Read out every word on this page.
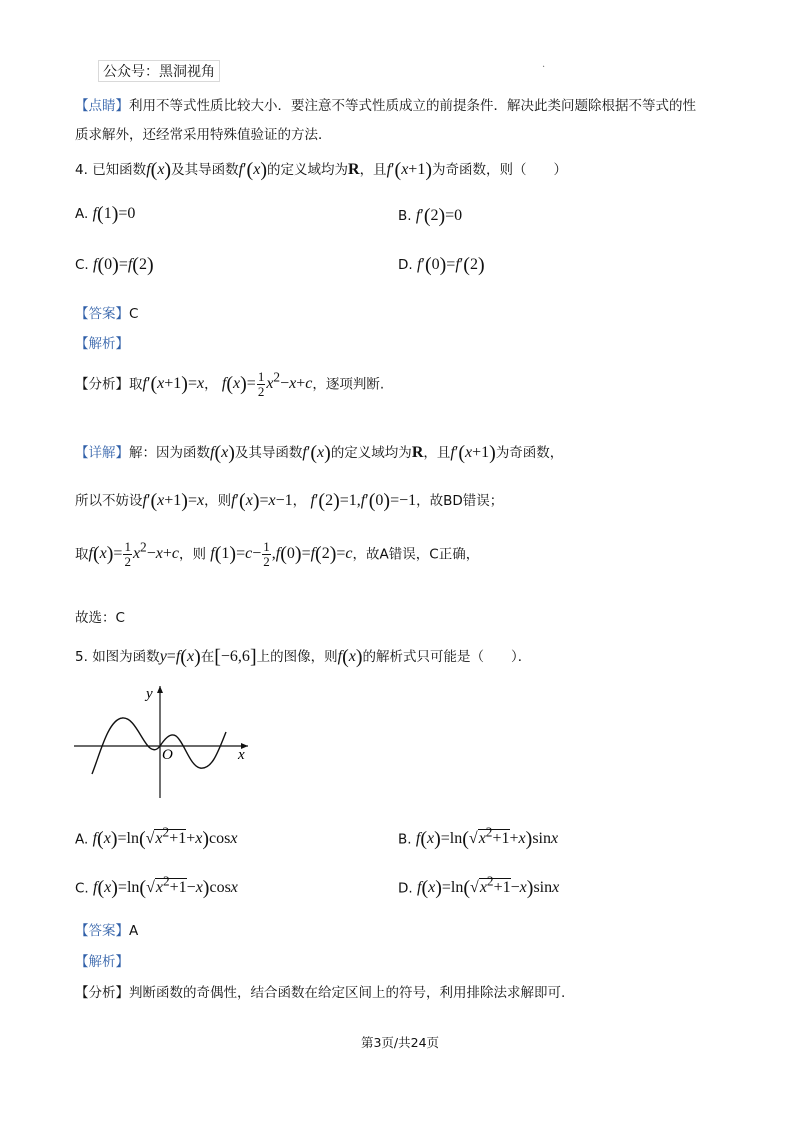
公众号：黑洞视角	·
【点睛】利用不等式性质比较大小．要注意不等式性质成立的前提条件．解决此类问题除根据不等式的性
质求解外，还经常采用特殊值验证的方法．
4. 已知函数f(x)及其导函数f′(x)的定义域均为R，且f′(x+1)为奇函数，则（　　）
A. f(1)=0	B. f′(2)=0
C. f(0)=f(2)	D. f′(0)=f′(2)
【答案】C
【解析】
【分析】取f′(x+1)=x， $f(x)= \frac{1}{2} x^2-x+c$，逐项判断.
【详解】解：因为函数f(x)及其导函数f′(x)的定义域均为R，且f′(x+1)为奇函数，
所以不妨设f′(x+1)=x，则f′(x)=x−1， f′(2)=1,f′(0)=−1，故BD错误；
取$f(x)= \frac{1}{2} x^2-x+c$，则 $f(1)=c- \frac{1}{2} ,f(0)=f(2)=c$，故A错误，C正确，
故选：C
5. 如图为函数y=f(x)在[−6,6]上的图像，则f(x)的解析式只可能是（　　）．
y
x
O
A. $f(x)=\ln(√x^2+1+x)\cos x$	B. $f(x)=\ln(√x^2+1+x)\sin x$
C. $f(x)=\ln(√x^2+1-x)\cos x$	D. $f(x)=\ln(√x^2+1-x)\sin x$
【答案】A
【解析】
【分析】判断函数的奇偶性，结合函数在给定区间上的符号，利用排除法求解即可.
第3页/共24页
